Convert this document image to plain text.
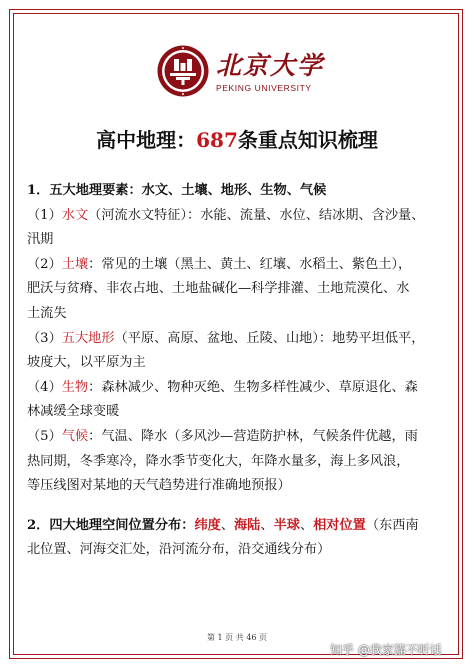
北京大学
PEKING UNIVERSITY
高中地理：687条重点知识梳理
1．五大地理要素：水文、土壤、地形、生物、气候
（1）水文（河流水文特征）：水能、流量、水位、结冰期、含沙量、
汛期
（2）土壤：常见的土壤（黑土、黄土、红壤、水稻土、紫色土），
肥沃与贫瘠、非农占地、土地盐碱化—科学排灌、土地荒漠化、水
土流失
（3）五大地形（平原、高原、盆地、丘陵、山地）：地势平坦低平，
坡度大，以平原为主
（4）生物：森林减少、物种灭绝、生物多样性减少、草原退化、森
林减缓全球变暖
（5）气候：气温、降水（多风沙—营造防护林，气候条件优越，雨
热同期，冬季寒冷，降水季节变化大，年降水量多，海上多风浪，
等压线图对某地的天气趋势进行准确地预报）
2．四大地理空间位置分布：纬度、海陆、半球、相对位置（东西南
北位置、河海交汇处，沿河流分布，沿交通线分布）
第 1 页 共 46 页
知乎 @我家猫不听话
